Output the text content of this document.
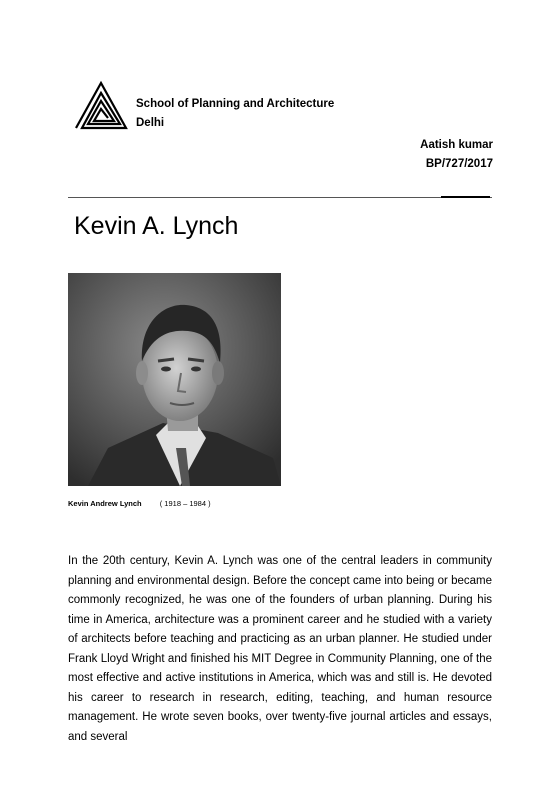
School of Planning and Architecture
Delhi
Aatish kumar
BP/727/2017
Kevin A. Lynch
Kevin Andrew Lynch ( 1918 – 1984 )

In the 20th century, Kevin A. Lynch was one of the central leaders in community planning and environmental design. Before the concept came into being or became commonly recognized, he was one of the founders of urban planning. During his time in America, architecture was a prominent career and he studied with a variety of architects before teaching and practicing as an urban planner. He studied under Frank Lloyd Wright and finished his MIT Degree in Community Planning, one of the most effective and active institutions in America, which was and still is. He devoted his career to research in research, editing, teaching, and human resource management. He wrote seven books, over twenty-five journal articles and essays, and several
